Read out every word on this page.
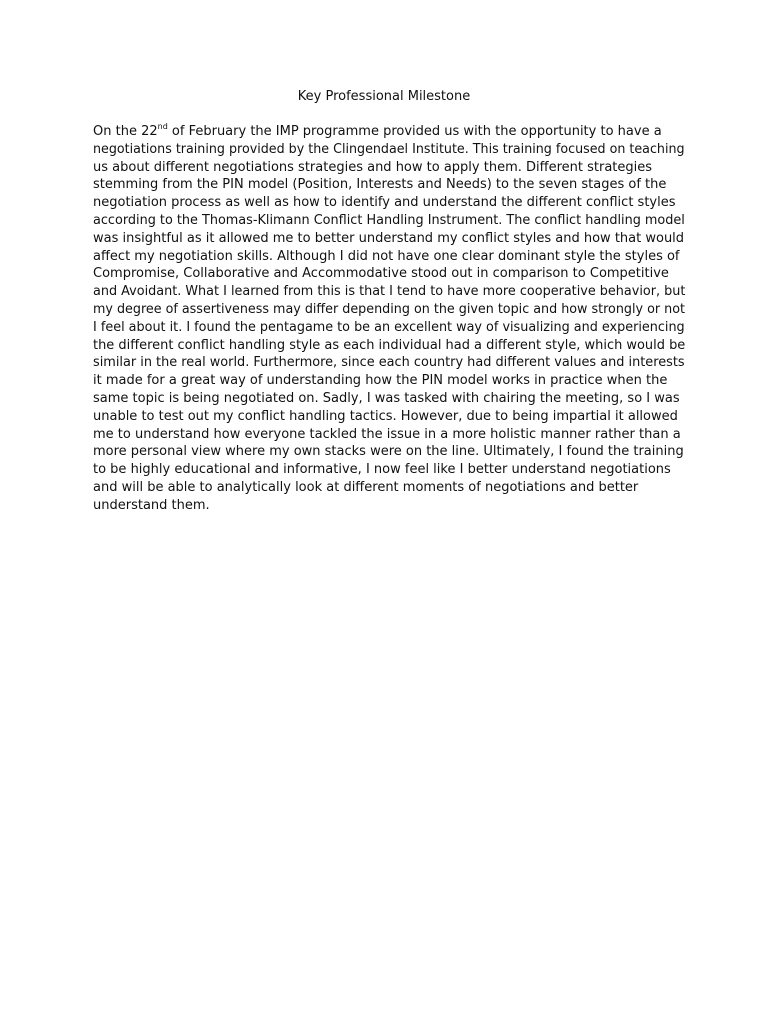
Key Professional Milestone
On the 22nd of February the IMP programme provided us with the opportunity to have a
negotiations training provided by the Clingendael Institute. This training focused on teaching
us about different negotiations strategies and how to apply them. Different strategies
stemming from the PIN model (Position, Interests and Needs) to the seven stages of the
negotiation process as well as how to identify and understand the different conflict styles
according to the Thomas-Klimann Conflict Handling Instrument. The conflict handling model
was insightful as it allowed me to better understand my conflict styles and how that would
affect my negotiation skills. Although I did not have one clear dominant style the styles of
Compromise, Collaborative and Accommodative stood out in comparison to Competitive
and Avoidant. What I learned from this is that I tend to have more cooperative behavior, but
my degree of assertiveness may differ depending on the given topic and how strongly or not
I feel about it. I found the pentagame to be an excellent way of visualizing and experiencing
the different conflict handling style as each individual had a different style, which would be
similar in the real world. Furthermore, since each country had different values and interests
it made for a great way of understanding how the PIN model works in practice when the
same topic is being negotiated on. Sadly, I was tasked with chairing the meeting, so I was
unable to test out my conflict handling tactics. However, due to being impartial it allowed
me to understand how everyone tackled the issue in a more holistic manner rather than a
more personal view where my own stacks were on the line. Ultimately, I found the training
to be highly educational and informative, I now feel like I better understand negotiations
and will be able to analytically look at different moments of negotiations and better
understand them.
